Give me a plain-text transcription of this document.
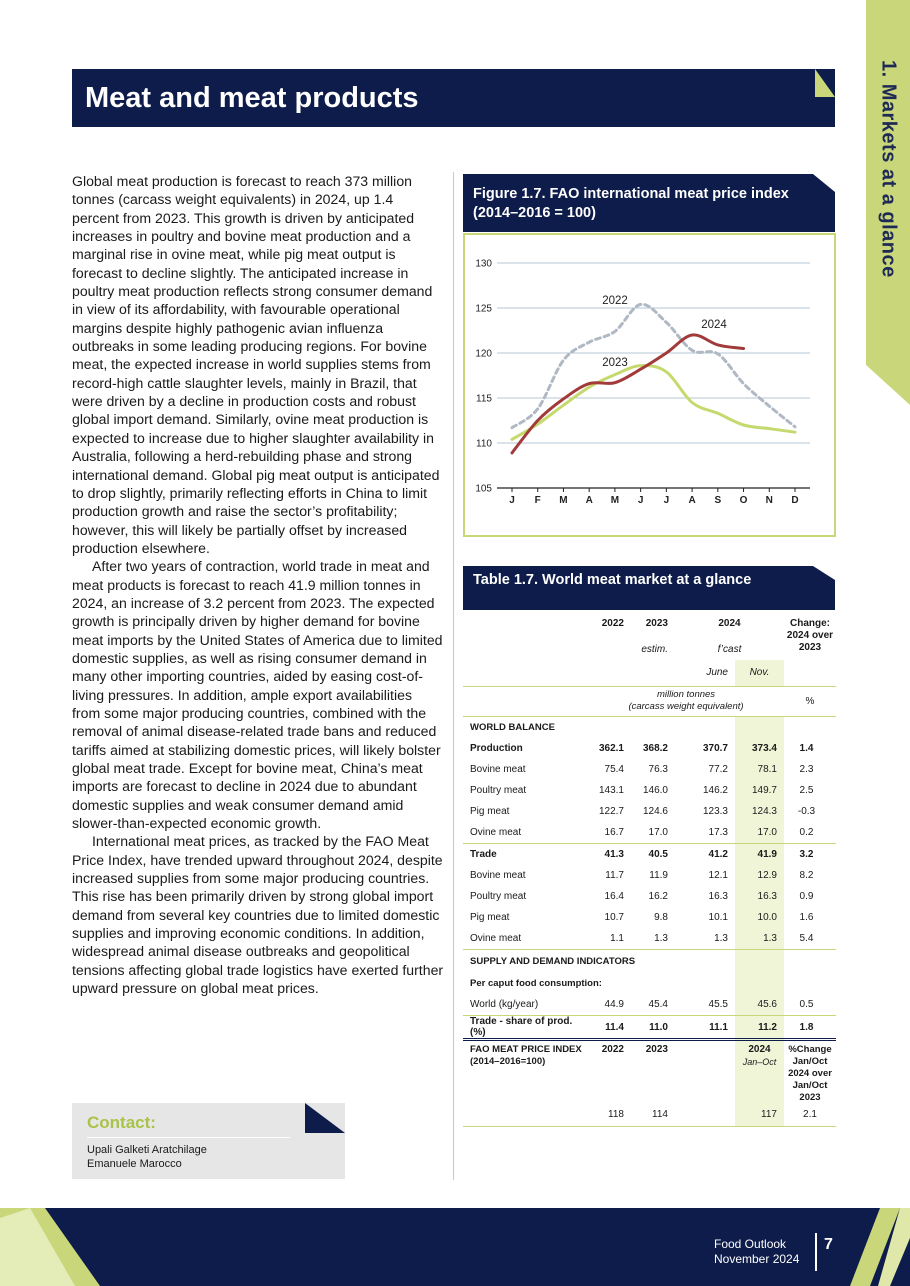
1. Markets at a glance
Meat and meat products

Global meat production is forecast to reach 373 million tonnes (carcass weight equivalents) in 2024, up 1.4 percent from 2023. This growth is driven by anticipated increases in poultry and bovine meat production and a marginal rise in ovine meat, while pig meat output is forecast to decline slightly. The anticipated increase in poultry meat production reflects strong consumer demand in view of its affordability, with favourable operational margins despite highly pathogenic avian influenza outbreaks in some leading producing regions. For bovine meat, the expected increase in world supplies stems from record-high cattle slaughter levels, mainly in Brazil, that were driven by a decline in production costs and robust global import demand. Similarly, ovine meat production is expected to increase due to higher slaughter availability in Australia, following a herd-rebuilding phase and strong international demand. Global pig meat output is anticipated to drop slightly, primarily reflecting efforts in China to limit production growth and raise the sector’s profitability; however, this will likely be partially offset by increased production elsewhere.

After two years of contraction, world trade in meat and meat products is forecast to reach 41.9 million tonnes in 2024, an increase of 3.2 percent from 2023. The expected growth is principally driven by higher demand for bovine meat imports by the United States of America due to limited domestic supplies, as well as rising consumer demand in many other importing countries, aided by easing cost-of-living pressures. In addition, ample export availabilities from some major producing countries, combined with the removal of animal disease-related trade bans and reduced tariffs aimed at stabilizing domestic prices, will likely bolster global meat trade. Except for bovine meat, China’s meat imports are forecast to decline in 2024 due to abundant domestic supplies and weak consumer demand amid slower-than-expected economic growth.

International meat prices, as tracked by the FAO Meat Price Index, have trended upward throughout 2024, despite increased supplies from some major producing countries. This rise has been primarily driven by strong global import demand from several key countries due to limited domestic supplies and improving economic conditions. In addition, widespread animal disease outbreaks and geopolitical tensions affecting global trade logistics have exerted further upward pressure on global meat prices.

Figure 1.7. FAO international meat price index (2014–2016 = 100)
105
110
115
120
125
130
J F M A M J J A S O N D
2022
2023
2024
Table 1.7. World meat market at a glance
	2022	2023	2024		Change: 2024 over 2023
		estim.	f’cast		
			June	Nov.	
	million tonnes
(carcass weight equivalent)				%
WORLD BALANCE					
Production	362.1	368.2	370.7	373.4	1.4
Bovine meat	75.4	76.3	77.2	78.1	2.3
Poultry meat	143.1	146.0	146.2	149.7	2.5
Pig meat	122.7	124.6	123.3	124.3	-0.3
Ovine meat	16.7	17.0	17.3	17.0	0.2
Trade	41.3	40.5	41.2	41.9	3.2
Bovine meat	11.7	11.9	12.1	12.9	8.2
Poultry meat	16.4	16.2	16.3	16.3	0.9
Pig meat	10.7	9.8	10.1	10.0	1.6
Ovine meat	1.1	1.3	1.3	1.3	5.4
SUPPLY AND DEMAND INDICATORS					
Per caput food consumption:					
World (kg/year)	44.9	45.4	45.5	45.6	0.5
Trade - share of prod. (%)	11.4	11.0	11.1	11.2	1.8
FAO MEAT PRICE INDEX (2014–2016=100)	2022	2023		2024
Jan–Oct	%Change Jan/Oct 2024 over Jan/Oct 2023
	118	114		117	2.1
Contact:
Upali Galketi Aratchilage
Emanuele Marocco
Food Outlook
November 2024
7
